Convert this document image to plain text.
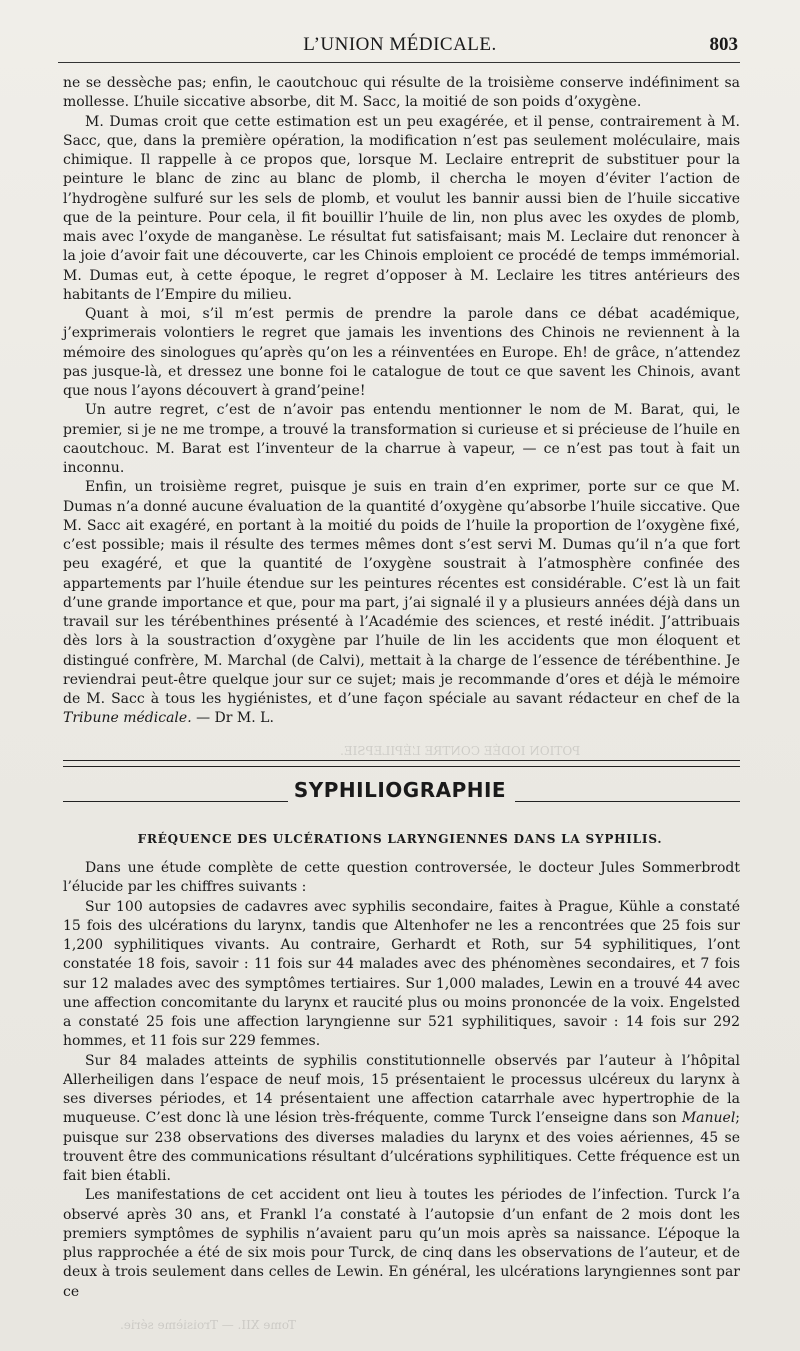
POTION IODÉE CONTRE L’ÉPILEPSIE.
Tome XII. — Troisième série.
L’UNION MÉDICALE.	803

ne se dessèche pas; enfin, le caoutchouc qui résulte de la troisième conserve indéfiniment sa mollesse. L’huile siccative absorbe, dit M. Sacc, la moitié de son poids d’oxygène.

M. Dumas croit que cette estimation est un peu exagérée, et il pense, contrairement à M. Sacc, que, dans la première opération, la modification n’est pas seulement moléculaire, mais chimique. Il rappelle à ce propos que, lorsque M. Leclaire entreprit de substituer pour la peinture le blanc de zinc au blanc de plomb, il chercha le moyen d’éviter l’action de l’hydrogène sulfuré sur les sels de plomb, et voulut les bannir aussi bien de l’huile siccative que de la peinture. Pour cela, il fit bouillir l’huile de lin, non plus avec les oxydes de plomb, mais avec l’oxyde de manganèse. Le résultat fut satisfaisant; mais M. Leclaire dut renoncer à la joie d’avoir fait une découverte, car les Chinois emploient ce procédé de temps immémorial. M. Dumas eut, à cette époque, le regret d’opposer à M. Leclaire les titres antérieurs des habitants de l’Empire du milieu.

Quant à moi, s’il m’est permis de prendre la parole dans ce débat académique, j’exprimerais volontiers le regret que jamais les inventions des Chinois ne reviennent à la mémoire des sinologues qu’après qu’on les a réinventées en Europe. Eh! de grâce, n’attendez pas jusque-là, et dressez une bonne foi le catalogue de tout ce que savent les Chinois, avant que nous l’ayons découvert à grand’peine!

Un autre regret, c’est de n’avoir pas entendu mentionner le nom de M. Barat, qui, le premier, si je ne me trompe, a trouvé la transformation si curieuse et si précieuse de l’huile en caoutchouc. M. Barat est l’inventeur de la charrue à vapeur, — ce n’est pas tout à fait un inconnu.

Enfin, un troisième regret, puisque je suis en train d’en exprimer, porte sur ce que M. Dumas n’a donné aucune évaluation de la quantité d’oxygène qu’absorbe l’huile siccative. Que M. Sacc ait exagéré, en portant à la moitié du poids de l’huile la proportion de l’oxygène fixé, c’est possible; mais il résulte des termes mêmes dont s’est servi M. Dumas qu’il n’a que fort peu exagéré, et que la quantité de l’oxygène soustrait à l’atmosphère confinée des appartements par l’huile étendue sur les peintures récentes est considérable. C’est là un fait d’une grande importance et que, pour ma part, j’ai signalé il y a plusieurs années déjà dans un travail sur les térébenthines présenté à l’Académie des sciences, et resté inédit. J’attribuais dès lors à la soustraction d’oxygène par l’huile de lin les accidents que mon éloquent et distingué confrère, M. Marchal (de Calvi), mettait à la charge de l’essence de térébenthine. Je reviendrai peut-être quelque jour sur ce sujet; mais je recommande d’ores et déjà le mémoire de M. Sacc à tous les hygiénistes, et d’une façon spéciale au savant rédacteur en chef de la Tribune médicale. — Dr M. L.

SYPHILIOGRAPHIE
FRÉQUENCE DES ULCÉRATIONS LARYNGIENNES DANS LA SYPHILIS.

Dans une étude complète de cette question controversée, le docteur Jules Sommerbrodt l’élucide par les chiffres suivants :

Sur 100 autopsies de cadavres avec syphilis secondaire, faites à Prague, Kühle a constaté 15 fois des ulcérations du larynx, tandis que Altenhofer ne les a rencontrées que 25 fois sur 1,200 syphilitiques vivants. Au contraire, Gerhardt et Roth, sur 54 syphilitiques, l’ont constatée 18 fois, savoir : 11 fois sur 44 malades avec des phénomènes secondaires, et 7 fois sur 12 malades avec des symptômes tertiaires. Sur 1,000 malades, Lewin en a trouvé 44 avec une affection concomitante du larynx et raucité plus ou moins prononcée de la voix. Engelsted a constaté 25 fois une affection laryngienne sur 521 syphilitiques, savoir : 14 fois sur 292 hommes, et 11 fois sur 229 femmes.

Sur 84 malades atteints de syphilis constitutionnelle observés par l’auteur à l’hôpital Allerheiligen dans l’espace de neuf mois, 15 présentaient le processus ulcéreux du larynx à ses diverses périodes, et 14 présentaient une affection catarrhale avec hypertrophie de la muqueuse. C’est donc là une lésion très-fréquente, comme Turck l’enseigne dans son Manuel; puisque sur 238 observations des diverses maladies du larynx et des voies aériennes, 45 se trouvent être des communications résultant d’ulcérations syphilitiques. Cette fréquence est un fait bien établi.

Les manifestations de cet accident ont lieu à toutes les périodes de l’infection. Turck l’a observé après 30 ans, et Frankl l’a constaté à l’autopsie d’un enfant de 2 mois dont les premiers symptômes de syphilis n’avaient paru qu’un mois après sa naissance. L’époque la plus rapprochée a été de six mois pour Turck, de cinq dans les observations de l’auteur, et de deux à trois seulement dans celles de Lewin. En général, les ulcérations laryngiennes sont par ce
